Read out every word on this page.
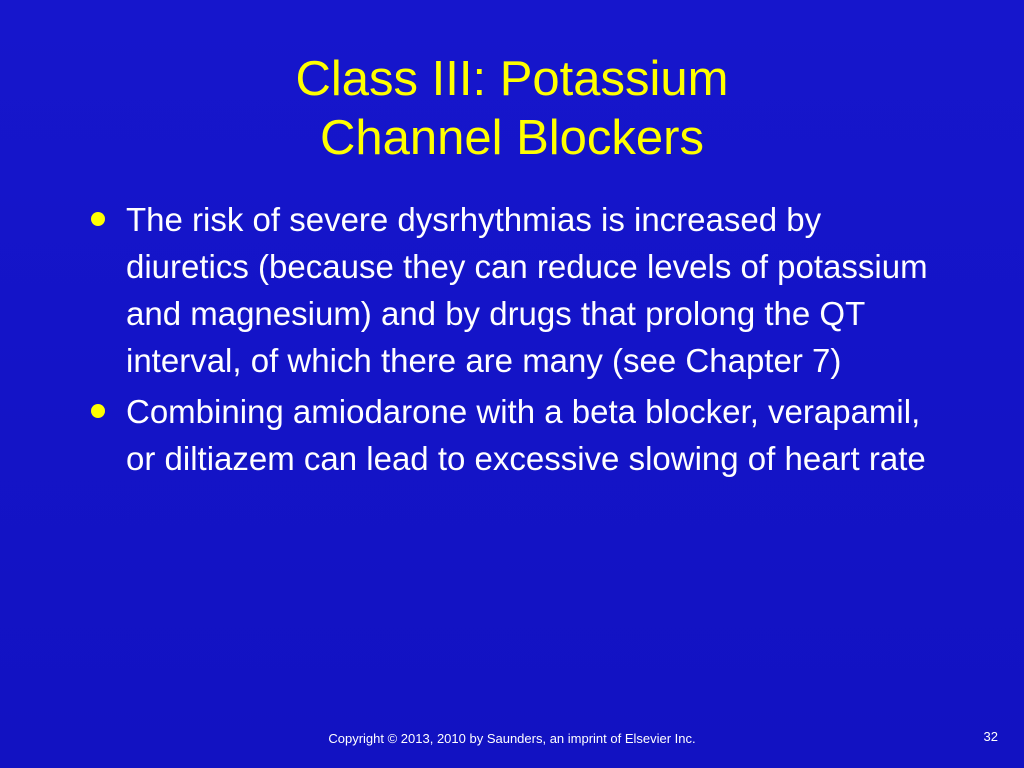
Class III: Potassium
Channel Blockers
The risk of severe dysrhythmias is increased by diuretics (because they can reduce levels of potassium and magnesium) and by drugs that prolong the QT interval, of which there are many (see Chapter 7)
Combining amiodarone with a beta blocker, verapamil, or diltiazem can lead to excessive slowing of heart rate
Copyright © 2013, 2010 by Saunders, an imprint of Elsevier Inc.	32
